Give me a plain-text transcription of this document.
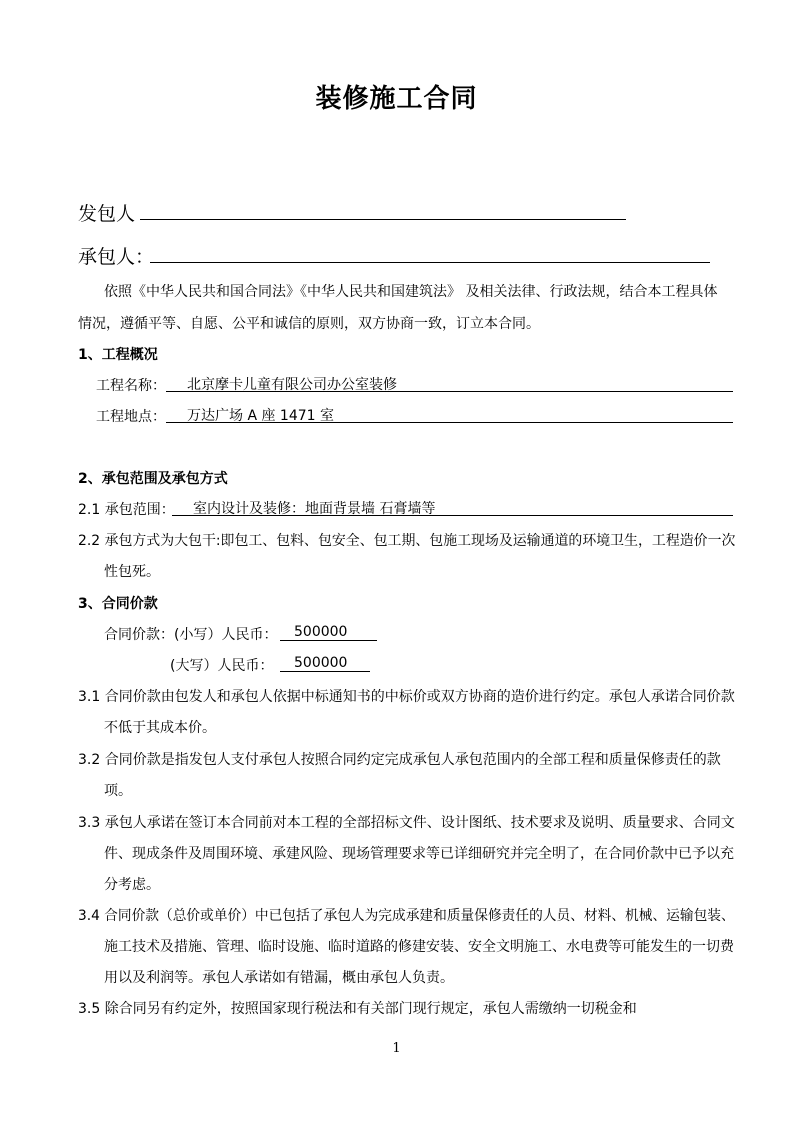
装修施工合同
发包人
承包人：
依照《中华人民共和国合同法》《中华人民共和国建筑法》 及相关法律、行政法规，结合本工程具体
情况，遵循平等、自愿、公平和诚信的原则，双方协商一致，订立本合同。
1、工程概况
工程名称： 北京摩卡儿童有限公司办公室装修
工程地点： 万达广场 A 座 1471 室
2、承包范围及承包方式
2.1 承包范围： 室内设计及装修：地面背景墙 石膏墙等
2.2 承包方式为大包干:即包工、包料、包安全、包工期、包施工现场及运输通道的环境卫生，工程造价一次
性包死。
3、合同价款
合同价款：(小写）人民币： 500000
(大写）人民币： 500000
3.1 合同价款由包发人和承包人依据中标通知书的中标价或双方协商的造价进行约定。承包人承诺合同价款
不低于其成本价。
3.2 合同价款是指发包人支付承包人按照合同约定完成承包人承包范围内的全部工程和质量保修责任的款
项。
3.3 承包人承诺在签订本合同前对本工程的全部招标文件、设计图纸、技术要求及说明、质量要求、合同文
件、现成条件及周围环境、承建风险、现场管理要求等已详细研究并完全明了，在合同价款中已予以充
分考虑。
3.4 合同价款（总价或单价）中已包括了承包人为完成承建和质量保修责任的人员、材料、机械、运输包装、
施工技术及措施、管理、临时设施、临时道路的修建安装、安全文明施工、水电费等可能发生的一切费
用以及利润等。承包人承诺如有错漏，概由承包人负责。
3.5 除合同另有约定外，按照国家现行税法和有关部门现行规定，承包人需缴纳一切税金和
1
